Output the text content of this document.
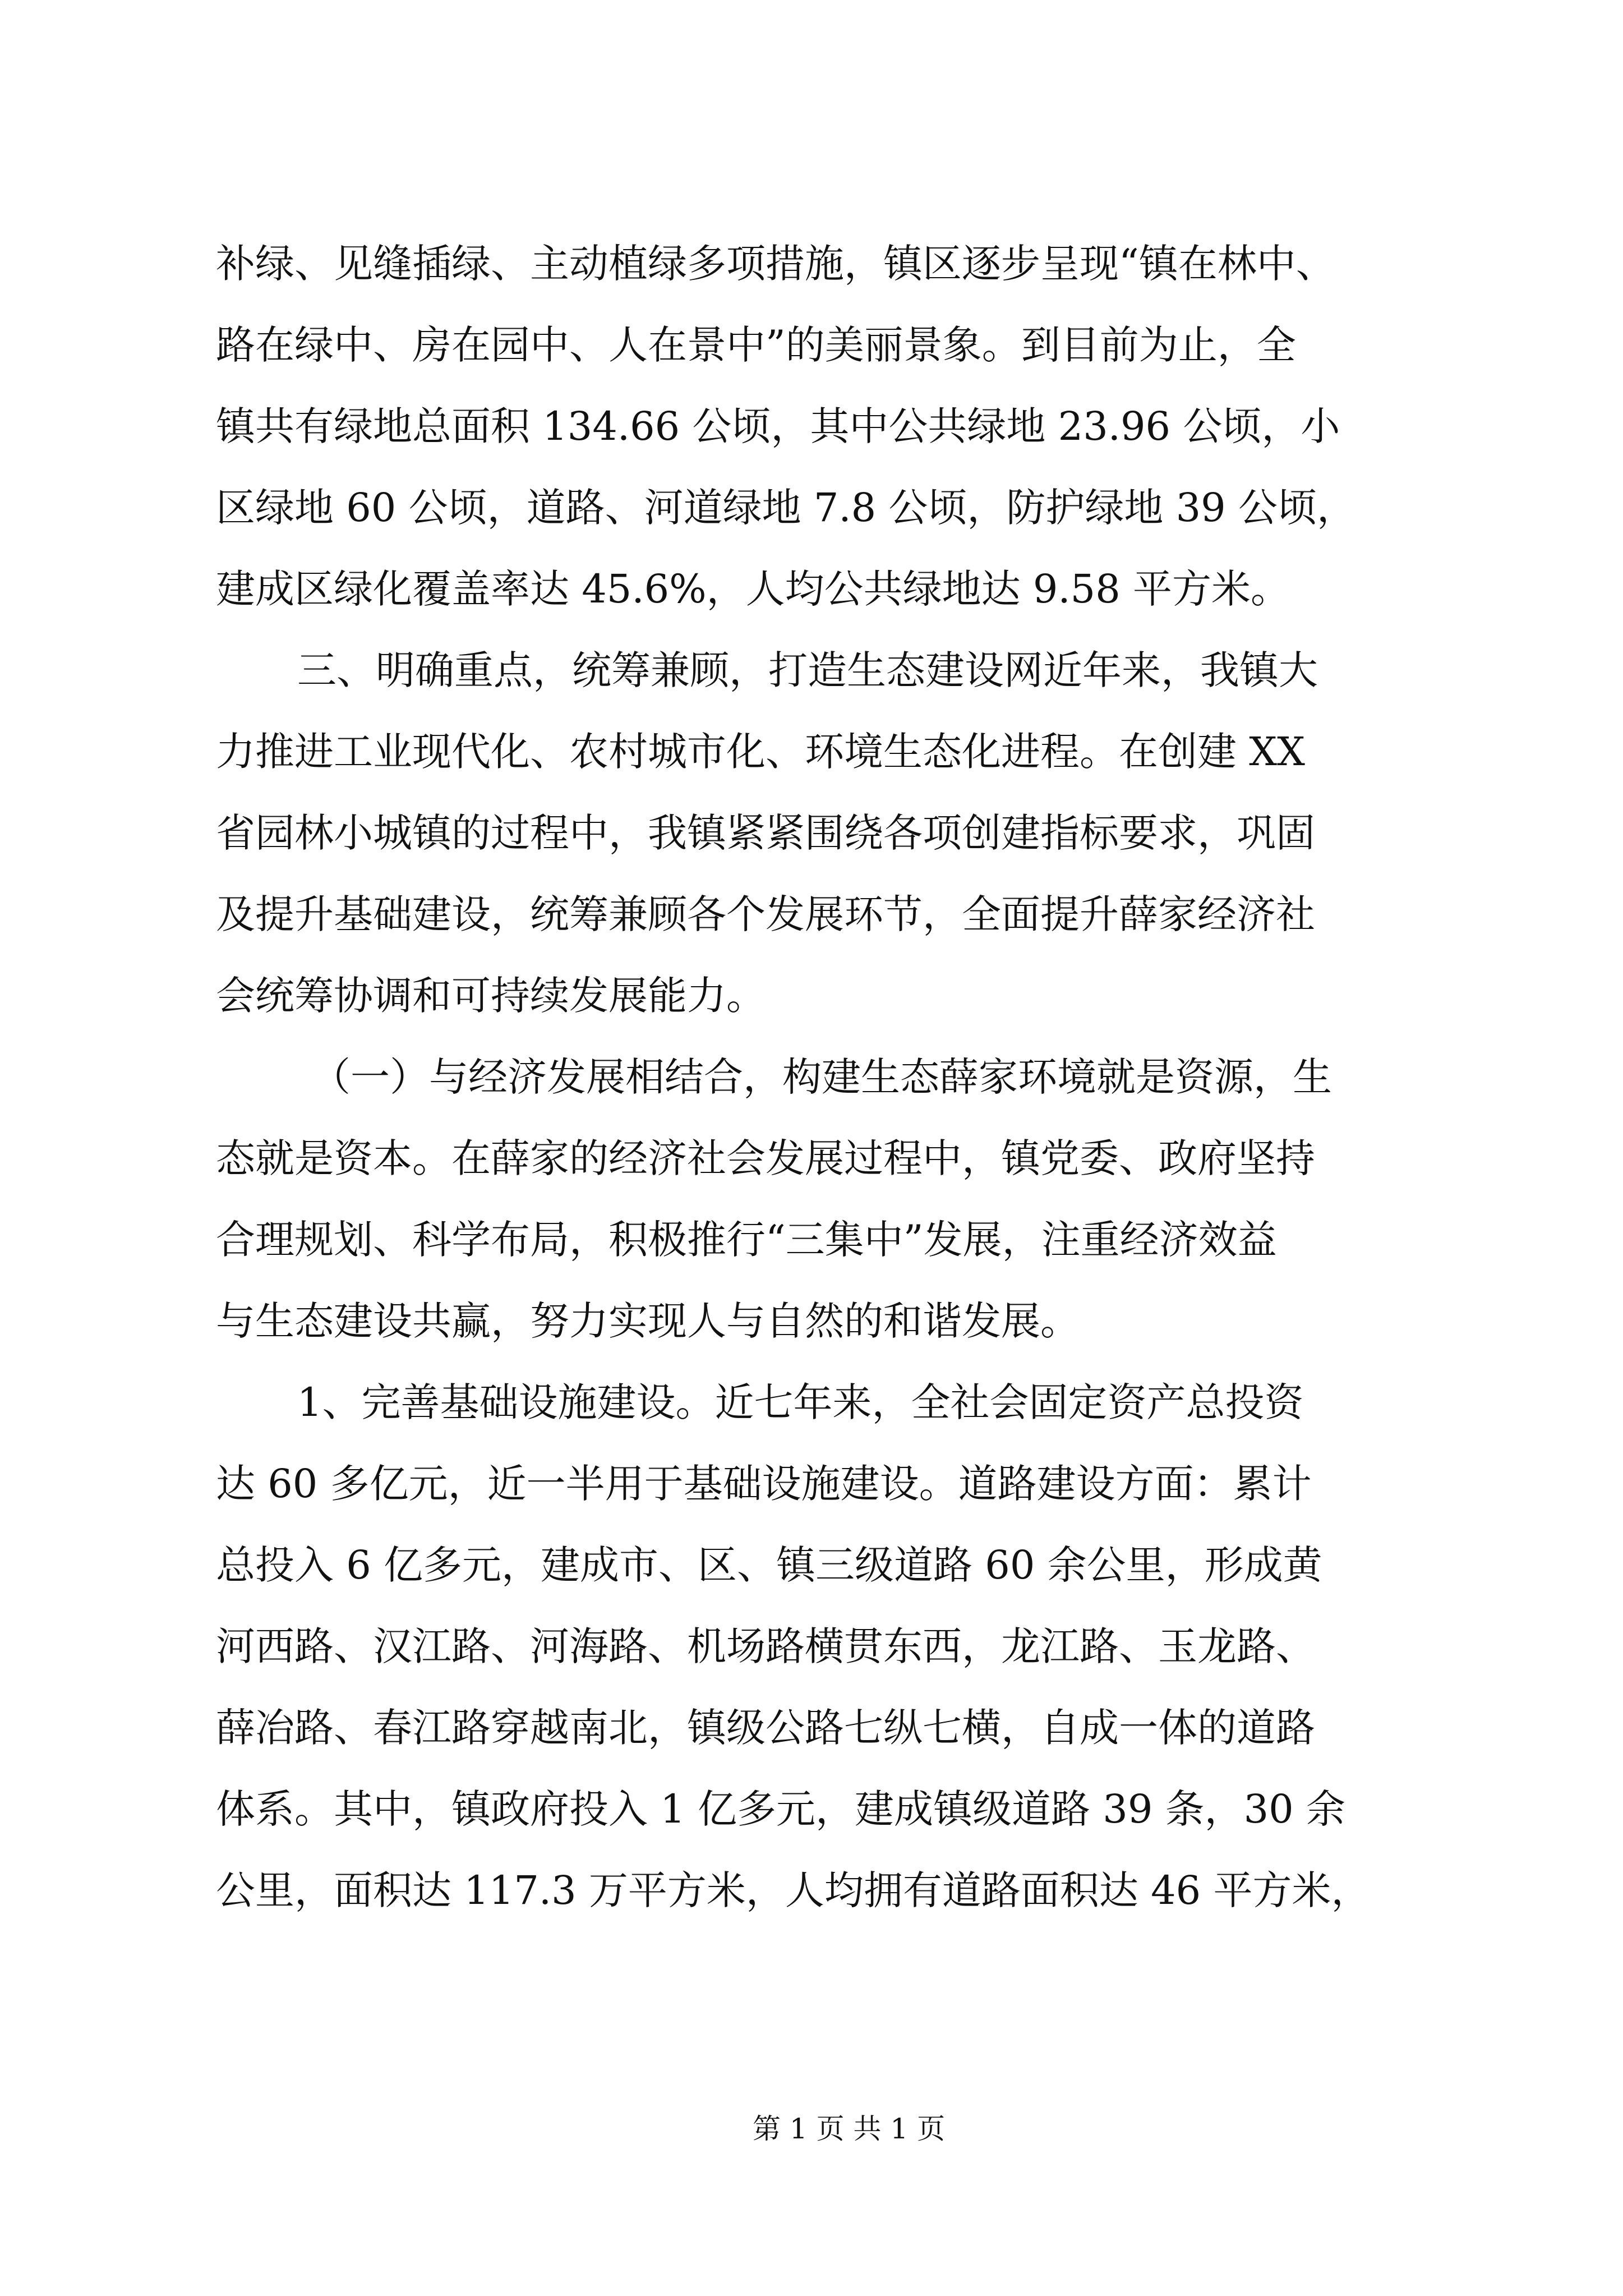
补绿、见缝插绿、主动植绿多项措施，镇区逐步呈现“镇在林中、
路在绿中、房在园中、人在景中”的美丽景象。到目前为止，全
镇共有绿地总面积 134.66 公顷，其中公共绿地 23.96 公顷，小
区绿地 60 公顷，道路、河道绿地 7.8 公顷，防护绿地 39 公顷，
建成区绿化覆盖率达 45.6%，人均公共绿地达 9.58 平方米。
三、明确重点，统筹兼顾，打造生态建设网近年来，我镇大
力推进工业现代化、农村城市化、环境生态化进程。在创建 XX
省园林小城镇的过程中，我镇紧紧围绕各项创建指标要求，巩固
及提升基础建设，统筹兼顾各个发展环节，全面提升薛家经济社
会统筹协调和可持续发展能力。
（一）与经济发展相结合，构建生态薛家环境就是资源，生
态就是资本。在薛家的经济社会发展过程中，镇党委、政府坚持
合理规划、科学布局，积极推行“三集中”发展，注重经济效益
与生态建设共赢，努力实现人与自然的和谐发展。
1、完善基础设施建设。近七年来，全社会固定资产总投资
达 60 多亿元，近一半用于基础设施建设。道路建设方面：累计
总投入 6 亿多元，建成市、区、镇三级道路 60 余公里，形成黄
河西路、汉江路、河海路、机场路横贯东西，龙江路、玉龙路、
薛冶路、春江路穿越南北，镇级公路七纵七横，自成一体的道路
体系。其中，镇政府投入 1 亿多元，建成镇级道路 39 条，30 余
公里，面积达 117.3 万平方米，人均拥有道路面积达 46 平方米，
第 1 页 共 1 页
